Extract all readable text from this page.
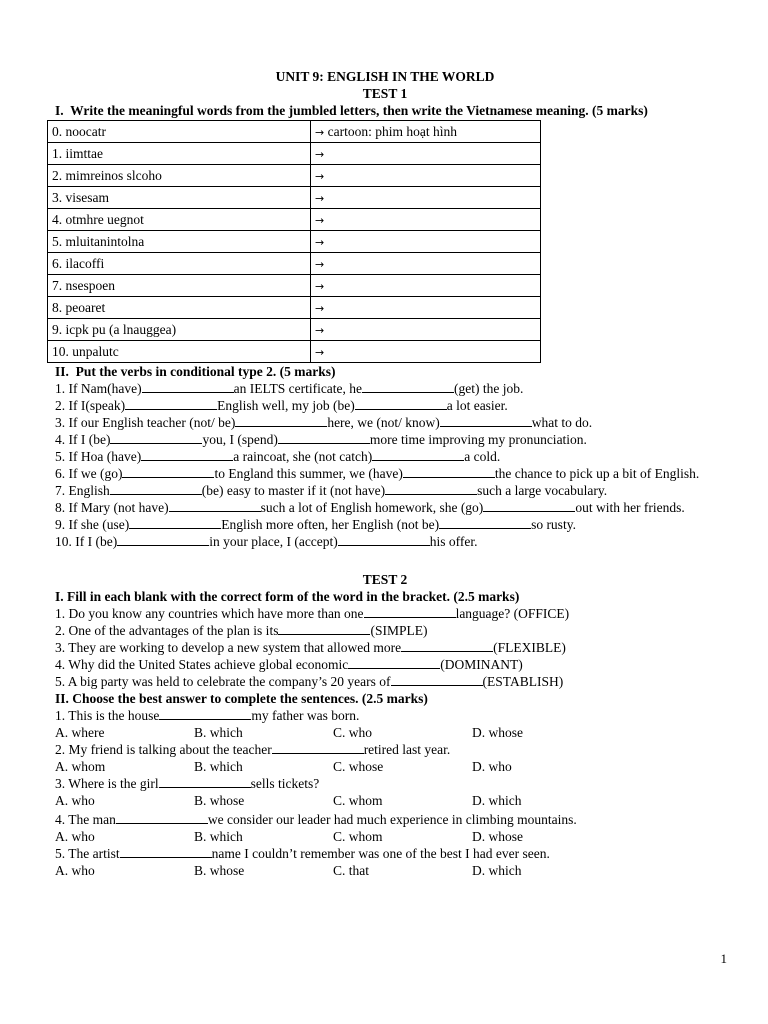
UNIT 9: ENGLISH IN THE WORLD
TEST 1
I. Write the meaningful words from the jumbled letters, then write the Vietnamese meaning. (5 marks)
0. noocatr	→ cartoon: phim hoạt hình
1. iimttae	→
2. mimreinos slcoho	→
3. visesam	→
4. otmhre uegnot	→
5. mluitanintolna	→
6. ilacoffi	→
7. nsespoen	→
8. peoaret	→
9. icpk pu (a lnauggea)	→
10. unpalutc	→
II. Put the verbs in conditional type 2. (5 marks)
1. If Nam(have)	an IELTS certificate, he	(get) the job.
2. If I(speak)	English well, my job (be)	a lot easier.
3. If our English teacher (not/ be)	here, we (not/ know)	what to do.
4. If I (be)	you, I (spend)	more time improving my pronunciation.
5. If Hoa (have)	a raincoat, she (not catch)	a cold.
6. If we (go)	to England this summer, we (have)	the chance to pick up a bit of English.
7. English	(be) easy to master if it (not have)	such a large vocabulary.
8. If Mary (not have)	such a lot of English homework, she (go)	out with her friends.
9. If she (use)	English more often, her English (not be)	so rusty.
10. If I (be)	in your place, I (accept)	his offer.
TEST 2
I. Fill in each blank with the correct form of the word in the bracket. (2.5 marks)
1. Do you know any countries which have more than one	language? (OFFICE)
2. One of the advantages of the plan is its	(SIMPLE)
3. They are working to develop a new system that allowed more	(FLEXIBLE)
4. Why did the United States achieve global economic	(DOMINANT)
5. A big party was held to celebrate the company’s 20 years of	(ESTABLISH)
II. Choose the best answer to complete the sentences. (2.5 marks)
1. This is the house	my father was born.
A. where	B. which	C. who	D. whose
2. My friend is talking about the teacher	retired last year.
A. whom	B. which	C. whose	D. who
3. Where is the girl	sells tickets?
A. who	B. whose	C. whom	D. which
4. The man	we consider our leader had much experience in climbing mountains.
A. who	B. which	C. whom	D. whose
5. The artist	name I couldn’t remember was one of the best I had ever seen.
A. who	B. whose	C. that	D. which
1
